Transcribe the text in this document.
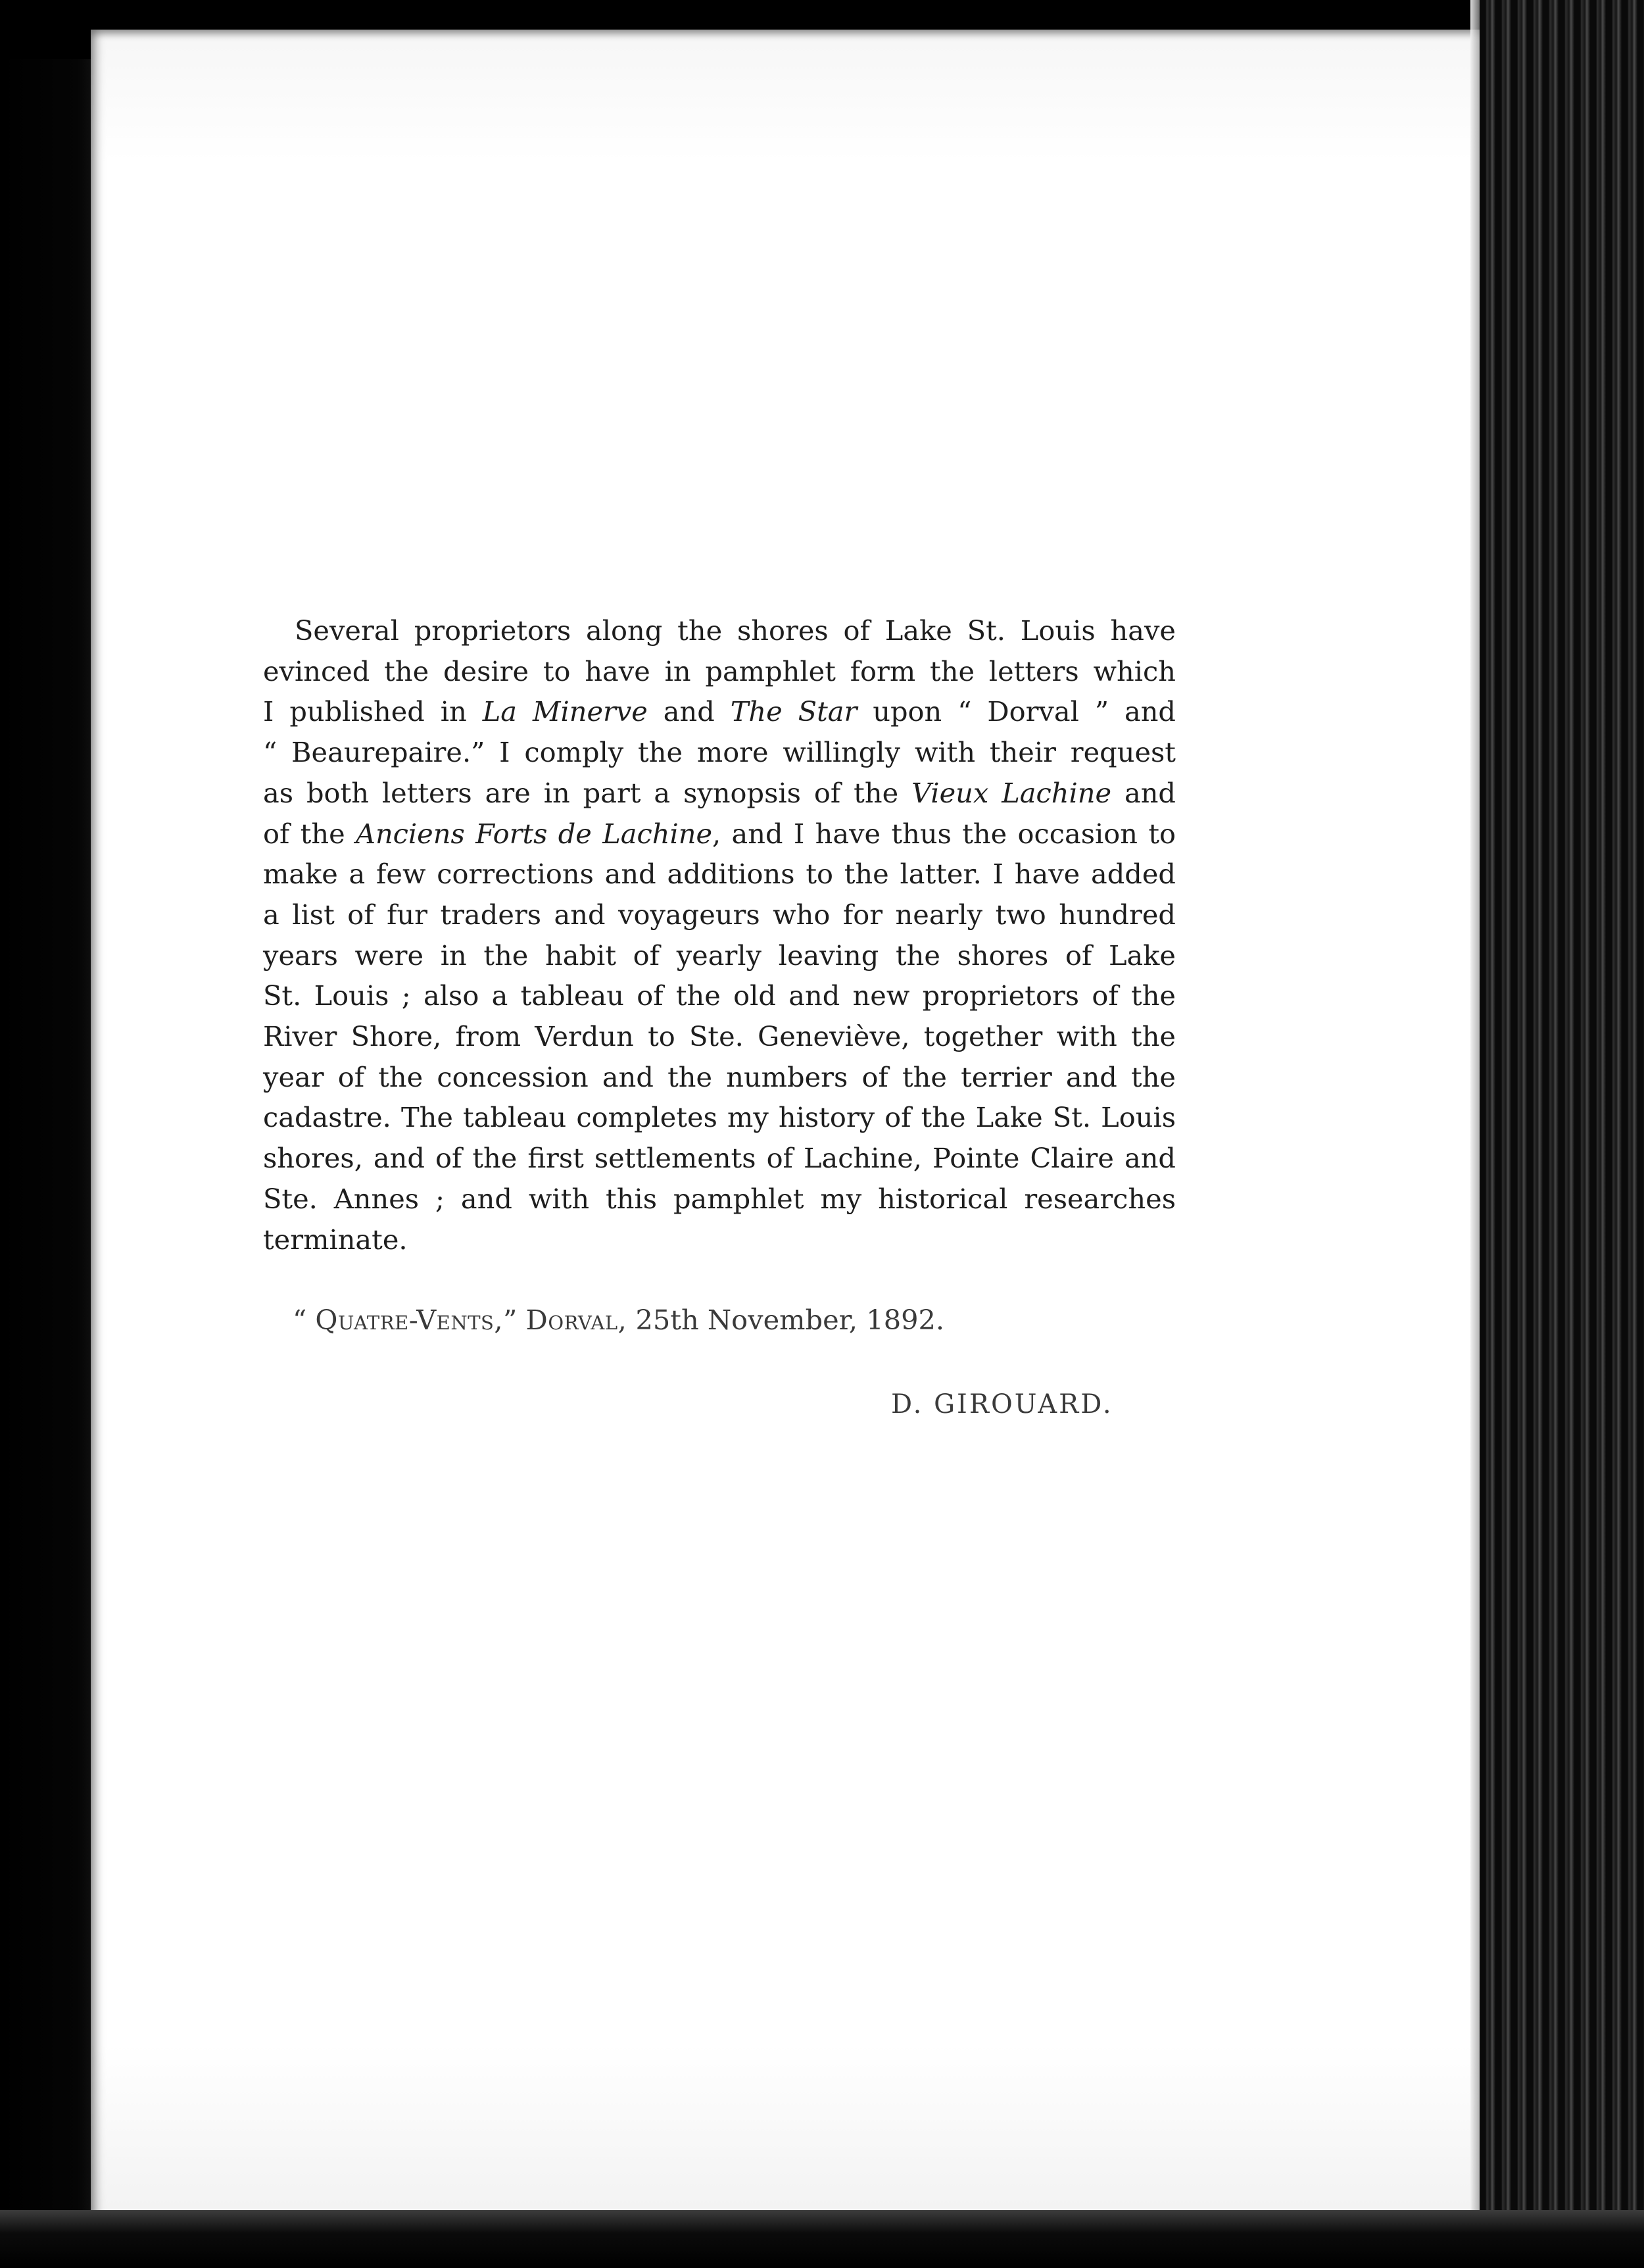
Several proprietors along the shores of Lake St. Louis have
evinced the desire to have in pamphlet form the letters which
I published in La Minerve and The Star upon “ Dorval ” and
“ Beaurepaire.” I comply the more willingly with their request
as both letters are in part a synopsis of the Vieux Lachine and
of the Anciens Forts de Lachine, and I have thus the occasion to
make a few corrections and additions to the latter. I have added
a list of fur traders and voyageurs who for nearly two hundred
years were in the habit of yearly leaving the shores of Lake
St. Louis ; also a tableau of the old and new proprietors of the
River Shore, from Verdun to Ste. Geneviève, together with the
year of the concession and the numbers of the terrier and the
cadastre. The tableau completes my history of the Lake St. Louis
shores, and of the first settlements of Lachine, Pointe Claire and
Ste. Annes ; and with this pamphlet my historical researches
terminate.

“ Quatre-Vents,” Dorval, 25th November, 1892.
D. GIROUARD.
